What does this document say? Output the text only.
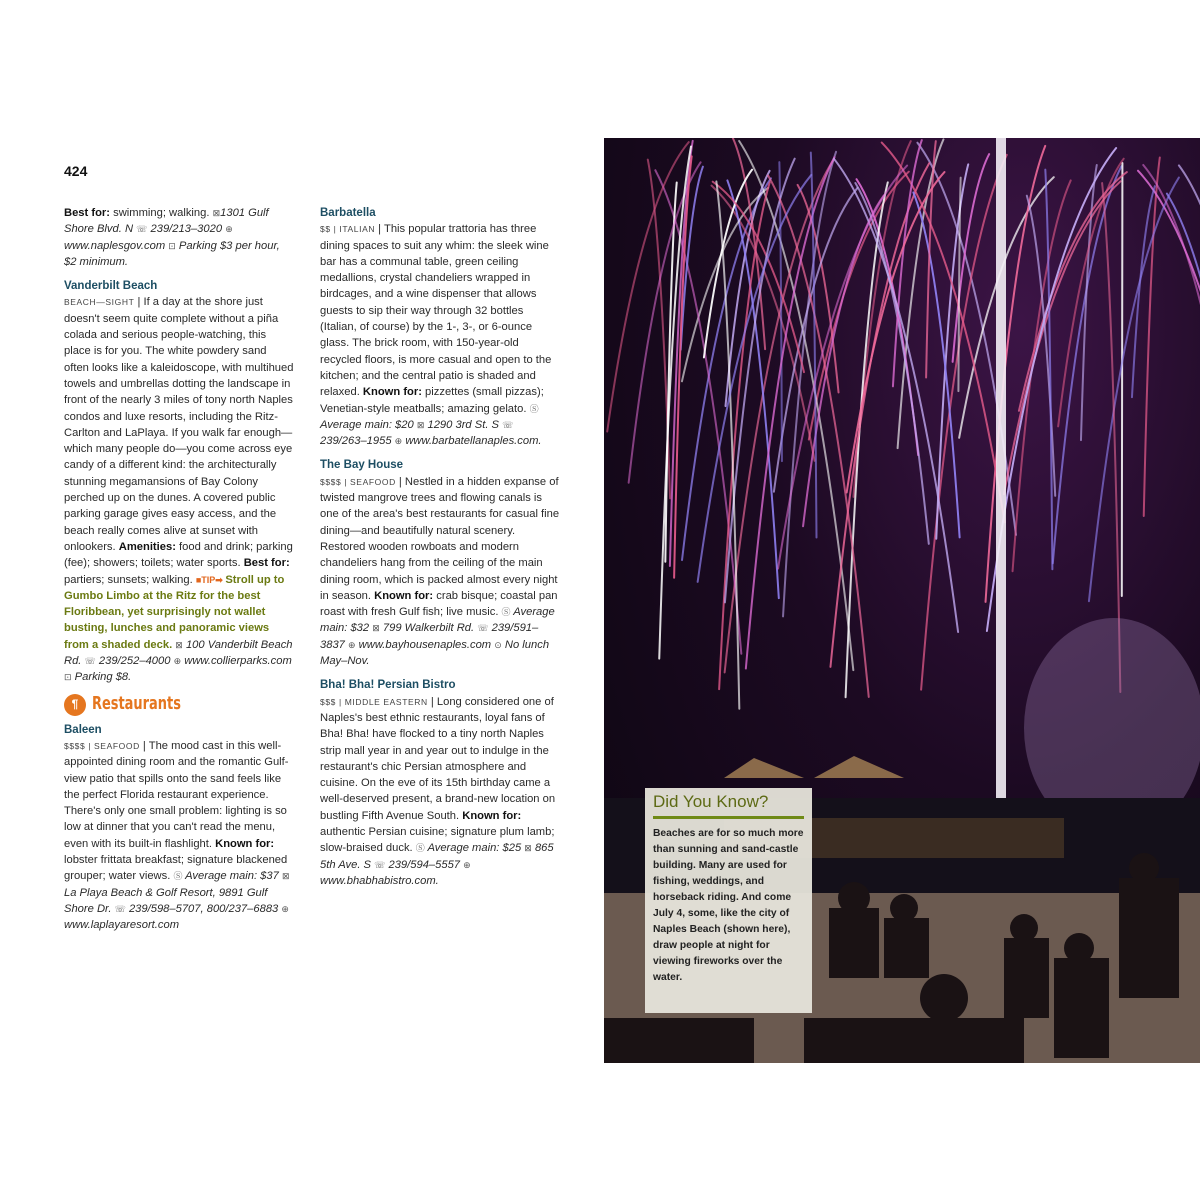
424

Best for: swimming; walking. ⊠1301 Gulf Shore Blvd. N ☏ 239/213–3020 ⊕ www.naplesgov.com ⊡ Parking $3 per hour, $2 minimum.

Vanderbilt Beach
BEACH—SIGHT | If a day at the shore just doesn't seem quite complete without a piña colada and serious people-watching, this place is for you. The white powdery sand often looks like a kaleidoscope, with multihued towels and umbrellas dotting the landscape in front of the nearly 3 miles of tony north Naples condos and luxe resorts, including the Ritz-Carlton and LaPlaya. If you walk far enough—which many people do—you come across eye candy of a different kind: the architecturally stunning megamansions of Bay Colony perched up on the dunes. A covered public parking garage gives easy access, and the beach really comes alive at sunset with onlookers. Amenities: food and drink; parking (fee); showers; toilets; water sports. Best for: partiers; sunsets; walking. ■TIP➡ Stroll up to Gumbo Limbo at the Ritz for the best Floribbean, yet surprisingly not wallet busting, lunches and panoramic views from a shaded deck. ⊠ 100 Vanderbilt Beach Rd. ☏ 239/252–4000 ⊕ www.collierparks.com ⊡ Parking $8.

¶ Restaurants

Baleen
$$$$ | SEAFOOD | The mood cast in this well-appointed dining room and the romantic Gulf-view patio that spills onto the sand feels like the perfect Florida restaurant experience. There's only one small problem: lighting is so low at dinner that you can't read the menu, even with its built-in flashlight. Known for: lobster frittata breakfast; signature blackened grouper; water views. Ⓢ Average main: $37 ⊠ La Playa Beach & Golf Resort, 9891 Gulf Shore Dr. ☏ 239/598–5707, 800/237–6883 ⊕ www.laplayaresort.com

Barbatella
$$ | ITALIAN | This popular trattoria has three dining spaces to suit any whim: the sleek wine bar has a communal table, green ceiling medallions, crystal chandeliers wrapped in birdcages, and a wine dispenser that allows guests to sip their way through 32 bottles (Italian, of course) by the 1-, 3-, or 6-ounce glass. The brick room, with 150-year-old recycled floors, is more casual and open to the kitchen; and the central patio is shaded and relaxed. Known for: pizzettes (small pizzas); Venetian-style meatballs; amazing gelato. Ⓢ Average main: $20 ⊠ 1290 3rd St. S ☏ 239/263–1955 ⊕ www.barbatellanaples.com.

The Bay House
$$$$ | SEAFOOD | Nestled in a hidden expanse of twisted mangrove trees and flowing canals is one of the area's best restaurants for casual fine dining—and beautifully natural scenery. Restored wooden rowboats and modern chandeliers hang from the ceiling of the main dining room, which is packed almost every night in season. Known for: crab bisque; coastal pan roast with fresh Gulf fish; live music. Ⓢ Average main: $32 ⊠ 799 Walkerbilt Rd. ☏ 239/591–3837 ⊕ www.bayhousenaples.com ⊙ No lunch May–Nov.

Bha! Bha! Persian Bistro
$$$ | MIDDLE EASTERN | Long considered one of Naples's best ethnic restaurants, loyal fans of Bha! Bha! have flocked to a tiny north Naples strip mall year in and year out to indulge in the restaurant's chic Persian atmosphere and cuisine. On the eve of its 15th birthday came a well-deserved present, a brand-new location on bustling Fifth Avenue South. Known for: authentic Persian cuisine; signature plum lamb; slow-braised duck. Ⓢ Average main: $25 ⊠ 865 5th Ave. S ☏ 239/594–5557 ⊕ www.bhabhabistro.com.

Did You Know?
Beaches are for so much more than sunning and sand-castle building. Many are used for fishing, weddings, and horseback riding. And come July 4, some, like the city of Naples Beach (shown here), draw people at night for viewing fireworks over the water.
